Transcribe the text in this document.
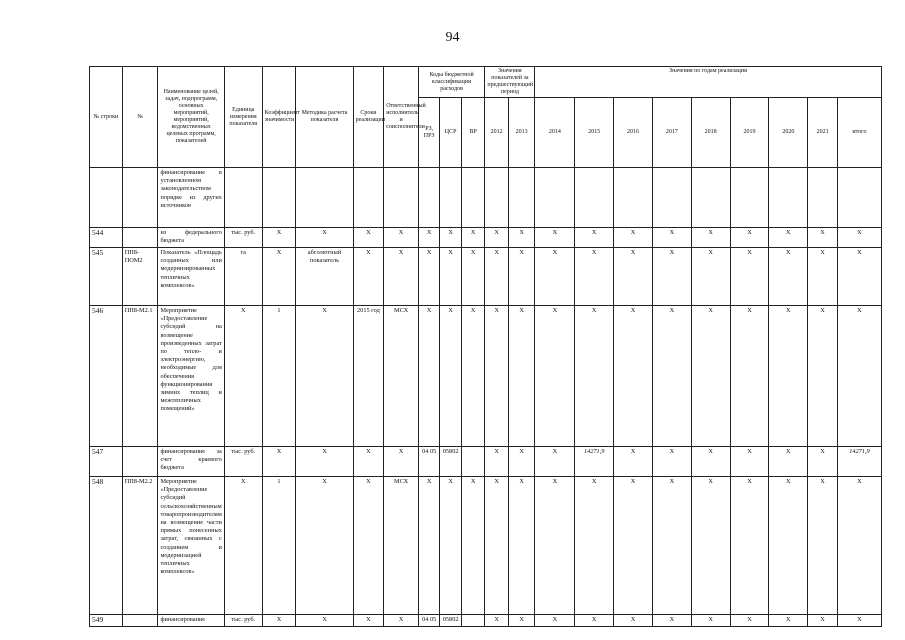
94
№ строки	№	Наименование целей, задач, подпрограмм, основных мероприятий, мероприятий, ведомственных целевых программ, показателей	Единица измерения показателя	Коэффициент значимости	Методика расчета показателя	Сроки реализации	Ответственный исполнитель и соисполнители	Коды бюджетной классификации расходов			Значения показателей за предшествующий период		Значения по годам реализации								
								РЗ, ПРЗ	ЦСР	ВР	2012	2013	2014	2015	2016	2017	2018	2019	2020	2021	итого
		финансирование в установленном законодательством порядке из других источников																			
544		из федерального бюджета	тыс. руб.	X	X	X	X	X	X	X	X	X	X	X	X	X	X	X	X	X	X
545	ПП8-ПОМ2	Показатель «Площадь созданных или модернизированных тепличных комплексов»	га	X	абсолютный показатель	X	X	X	X	X	X	X	X	X	X	X	X	X	X	X	X
546	ПП8-М2.1	Мероприятие «Предоставление субсидий на возмещение произведенных затрат по тепло- и электроэнергию, необходимые для обеспечения функционирования зимних теплиц и межтепличных помещений»	X	1	X	2015 год	МСХ	X	X	X	X	X	X	X	X	X	X	X	X	X	X
547		финансирование за счет краевого бюджета	тыс. руб.	X	X	X	X	04 05	05802		X	X	X	14271,9	X	X	X	X	X	X	14271,9
548	ПП8-М2.2	Мероприятие «Предоставление субсидий сельскохозяйственным товаропроизводителям на возмещение части прямых понесенных затрат, связанных с созданием и модернизацией тепличных комплексов»	X	1	X	X	МСХ	X	X	X	X	X	X	X	X	X	X	X	X	X	X
549		финансирование	тыс. руб.	X	X	X	X	04 05	05802		X	X	X	X	X	X	X	X	X	X	X
